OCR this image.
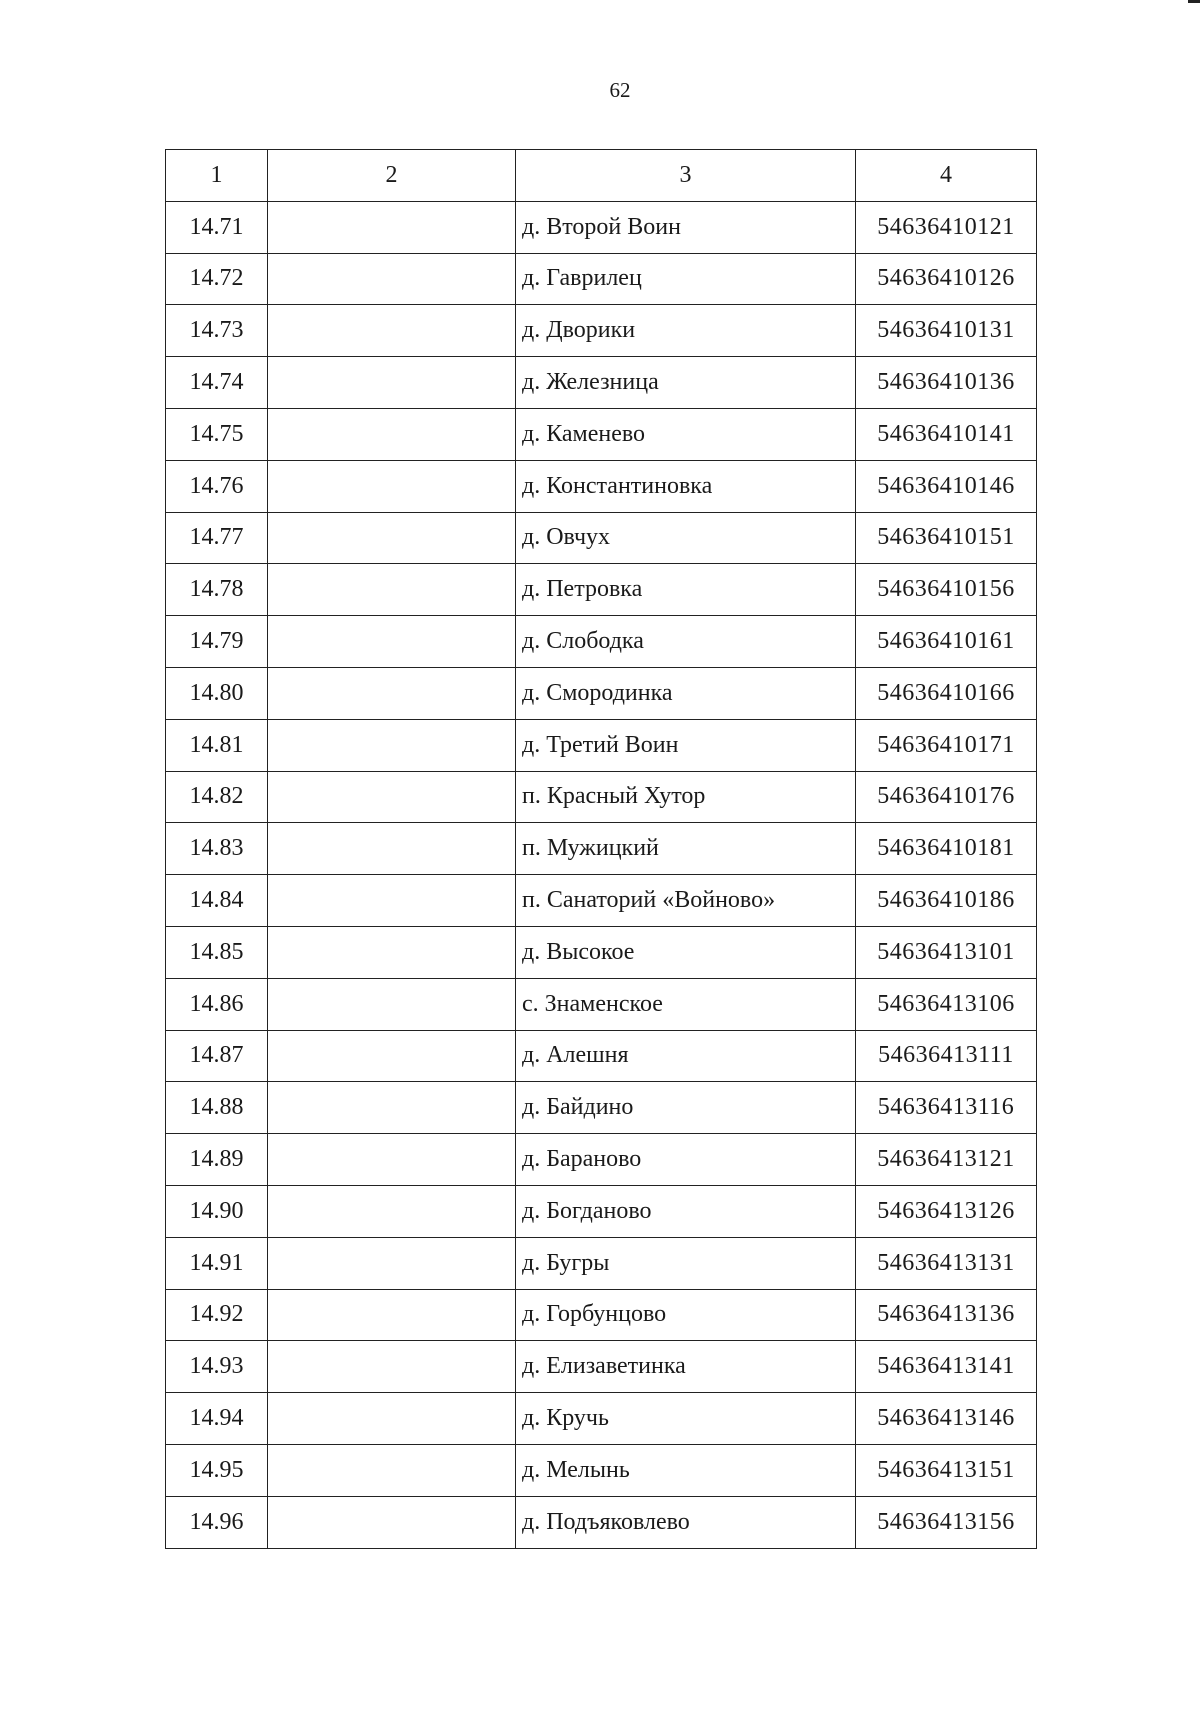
62
1	2	3	4
14.71		д. Второй Воин	54636410121
14.72		д. Гаврилец	54636410126
14.73		д. Дворики	54636410131
14.74		д. Железница	54636410136
14.75		д. Каменево	54636410141
14.76		д. Константиновка	54636410146
14.77		д. Овчух	54636410151
14.78		д. Петровка	54636410156
14.79		д. Слободка	54636410161
14.80		д. Смородинка	54636410166
14.81		д. Третий Воин	54636410171
14.82		п. Красный Хутор	54636410176
14.83		п. Мужицкий	54636410181
14.84		п. Санаторий «Войново»	54636410186
14.85		д. Высокое	54636413101
14.86		с. Знаменское	54636413106
14.87		д. Алешня	54636413111
14.88		д. Байдино	54636413116
14.89		д. Бараново	54636413121
14.90		д. Богданово	54636413126
14.91		д. Бугры	54636413131
14.92		д. Горбунцово	54636413136
14.93		д. Елизаветинка	54636413141
14.94		д. Кручь	54636413146
14.95		д. Мелынь	54636413151
14.96		д. Подъяковлево	54636413156
